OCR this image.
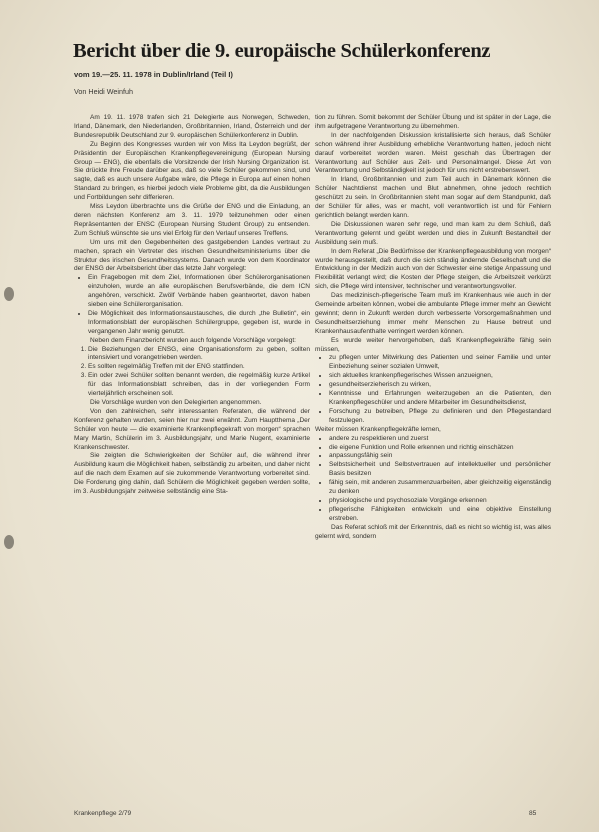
Bericht über die 9. europäische Schülerkonferenz
vom 19.—25. 11. 1978 in Dublin/Irland (Teil I)
Von Heidi Weinfuh

Am 19. 11. 1978 trafen sich 21 Delegierte aus Norwegen, Schweden, Irland, Dänemark, den Niederlanden, Großbritannien, Irland, Österreich und der Bundesrepublik Deutschland zur 9. europäischen Schülerkonferenz in Dublin.

Zu Beginn des Kongresses wurden wir von Miss Ita Leydon begrüßt, der Präsidentin der Europäischen Krankenpflegevereinigung (European Nursing Group — ENG), die ebenfalls die Vorsitzende der Irish Nursing Organization ist. Sie drückte ihre Freude darüber aus, daß so viele Schüler gekommen sind, und sagte, daß es auch unsere Aufgabe wäre, die Pflege in Europa auf einen hohen Standard zu bringen, es hierbei jedoch viele Probleme gibt, da die Ausbildungen und Fortbildungen sehr differieren.

Miss Leydon überbrachte uns die Grüße der ENG und die Einladung, an deren nächsten Konferenz am 3. 11. 1979 teilzunehmen oder einen Repräsentanten der ENSC (European Nursing Student Group) zu entsenden. Zum Schluß wünschte sie uns viel Erfolg für den Verlauf unseres Treffens.

Um uns mit den Gegebenheiten des gastgebenden Landes vertraut zu machen, sprach ein Vertreter des irischen Gesundheitsministeriums über die Struktur des irischen Gesundheitssystems. Danach wurde von dem Koordinator der ENSG der Arbeitsbericht über das letzte Jahr vorgelegt:

• Ein Fragebogen mit dem Ziel, Informationen über Schülerorganisationen einzuholen, wurde an alle europäischen Berufsverbände, die dem ICN angehören, verschickt. Zwölf Verbände haben geantwortet, davon haben sieben eine Schülerorganisation.
• Die Möglichkeit des Informationsaustausches, die durch „the Bulletin“, ein Informationsblatt der europäischen Schülergruppe, gegeben ist, wurde in vergangenen Jahr wenig genutzt.

Neben dem Finanzbericht wurden auch folgende Vorschläge vorgelegt:

1. Die Beziehungen der ENSG, eine Organisationsform zu geben, sollten intensiviert und vorangetrieben werden.
2. Es sollten regelmäßig Treffen mit der ENG stattfinden.
3. Ein oder zwei Schüler sollten benannt werden, die regelmäßig kurze Artikel für das Informationsblatt schreiben, das in der vorliegenden Form vierteljährlich erscheinen soll.

Die Vorschläge wurden von den Delegierten angenommen.

Von den zahlreichen, sehr interessanten Referaten, die während der Konferenz gehalten wurden, seien hier nur zwei erwähnt. Zum Hauptthema „Der Schüler von heute — die examinierte Krankenpflegekraft von morgen“ sprachen Mary Martin, Schülerin im 3. Ausbildungsjahr, und Marie Nugent, examinierte Krankenschwester.

Sie zeigten die Schwierigkeiten der Schüler auf, die während ihrer Ausbildung kaum die Möglichkeit haben, selbständig zu arbeiten, und daher nicht auf die nach dem Examen auf sie zukommende Verantwortung vorbereitet sind. Die Forderung ging dahin, daß Schülern die Möglichkeit gegeben werden sollte, im 3. Ausbildungsjahr zeitweise selbständig eine Sta-

tion zu führen. Somit bekommt der Schüler Übung und ist später in der Lage, die ihm aufgetragene Verantwortung zu übernehmen.

In der nachfolgenden Diskussion kristallisierte sich heraus, daß Schüler schon während ihrer Ausbildung erhebliche Verantwortung hatten, jedoch nicht darauf vorbereitet worden waren. Meist geschah das Übertragen der Verantwortung auf Schüler aus Zeit- und Personalmangel. Diese Art von Verantwortung und Selbständigkeit ist jedoch für uns nicht erstrebenswert.

In Irland, Großbritannien und zum Teil auch in Dänemark können die Schüler Nachtdienst machen und Blut abnehmen, ohne jedoch rechtlich geschützt zu sein. In Großbritannien steht man sogar auf dem Standpunkt, daß der Schüler für alles, was er macht, voll verantwortlich ist und für Fehlern gerichtlich belangt werden kann.

Die Diskussionen waren sehr rege, und man kam zu dem Schluß, daß Verantwortung gelernt und geübt werden und dies in Zukunft Bestandteil der Ausbildung sein muß.

In dem Referat „Die Bedürfnisse der Krankenpflegeausbildung von morgen“ wurde herausgestellt, daß durch die sich ständig ändernde Gesellschaft und die Entwicklung in der Medizin auch von der Schwester eine stetige Anpassung und Flexibilität verlangt wird; die Kosten der Pflege steigen, die Arbeitszeit verkürzt sich, die Pflege wird intensiver, technischer und verantwortungsvoller.

Das medizinisch-pflegerische Team muß im Krankenhaus wie auch in der Gemeinde arbeiten können, wobei die ambulante Pflege immer mehr an Gewicht gewinnt; denn in Zukunft werden durch verbesserte Vorsorgemaßnahmen und Gesundheitserziehung immer mehr Menschen zu Hause betreut und Krankenhausaufenthalte verringert werden können.

Es wurde weiter hervorgehoben, daß Krankenpflegekräfte fähig sein müssen,

• zu pflegen unter Mitwirkung des Patienten und seiner Familie und unter Einbeziehung seiner sozialen Umwelt,
• sich aktuelles krankenpflegerisches Wissen anzueignen,
• gesundheitserzieherisch zu wirken,
• Kenntnisse und Erfahrungen weiterzugeben an die Patienten, den Krankenpflegeschüler und andere Mitarbeiter im Gesundheitsdienst,
• Forschung zu betreiben, Pflege zu definieren und den Pflegestandard festzulegen.

Weiter müssen Krankenpflegekräfte lernen,

• andere zu respektieren und zuerst
• die eigene Funktion und Rolle erkennen und richtig einschätzen
• anpassungsfähig sein
• Selbstsicherheit und Selbstvertrauen auf intellektueller und persönlicher Basis besitzen
• fähig sein, mit anderen zusammenzuarbeiten, aber gleichzeitig eigenständig zu denken
• physiologische und psychosoziale Vorgänge erkennen
• pflegerische Fähigkeiten entwickeln und eine objektive Einstellung erstreben.

Das Referat schloß mit der Erkenntnis, daß es nicht so wichtig ist, was alles gelernt wird, sondern

Krankenpflege 2/79	85
